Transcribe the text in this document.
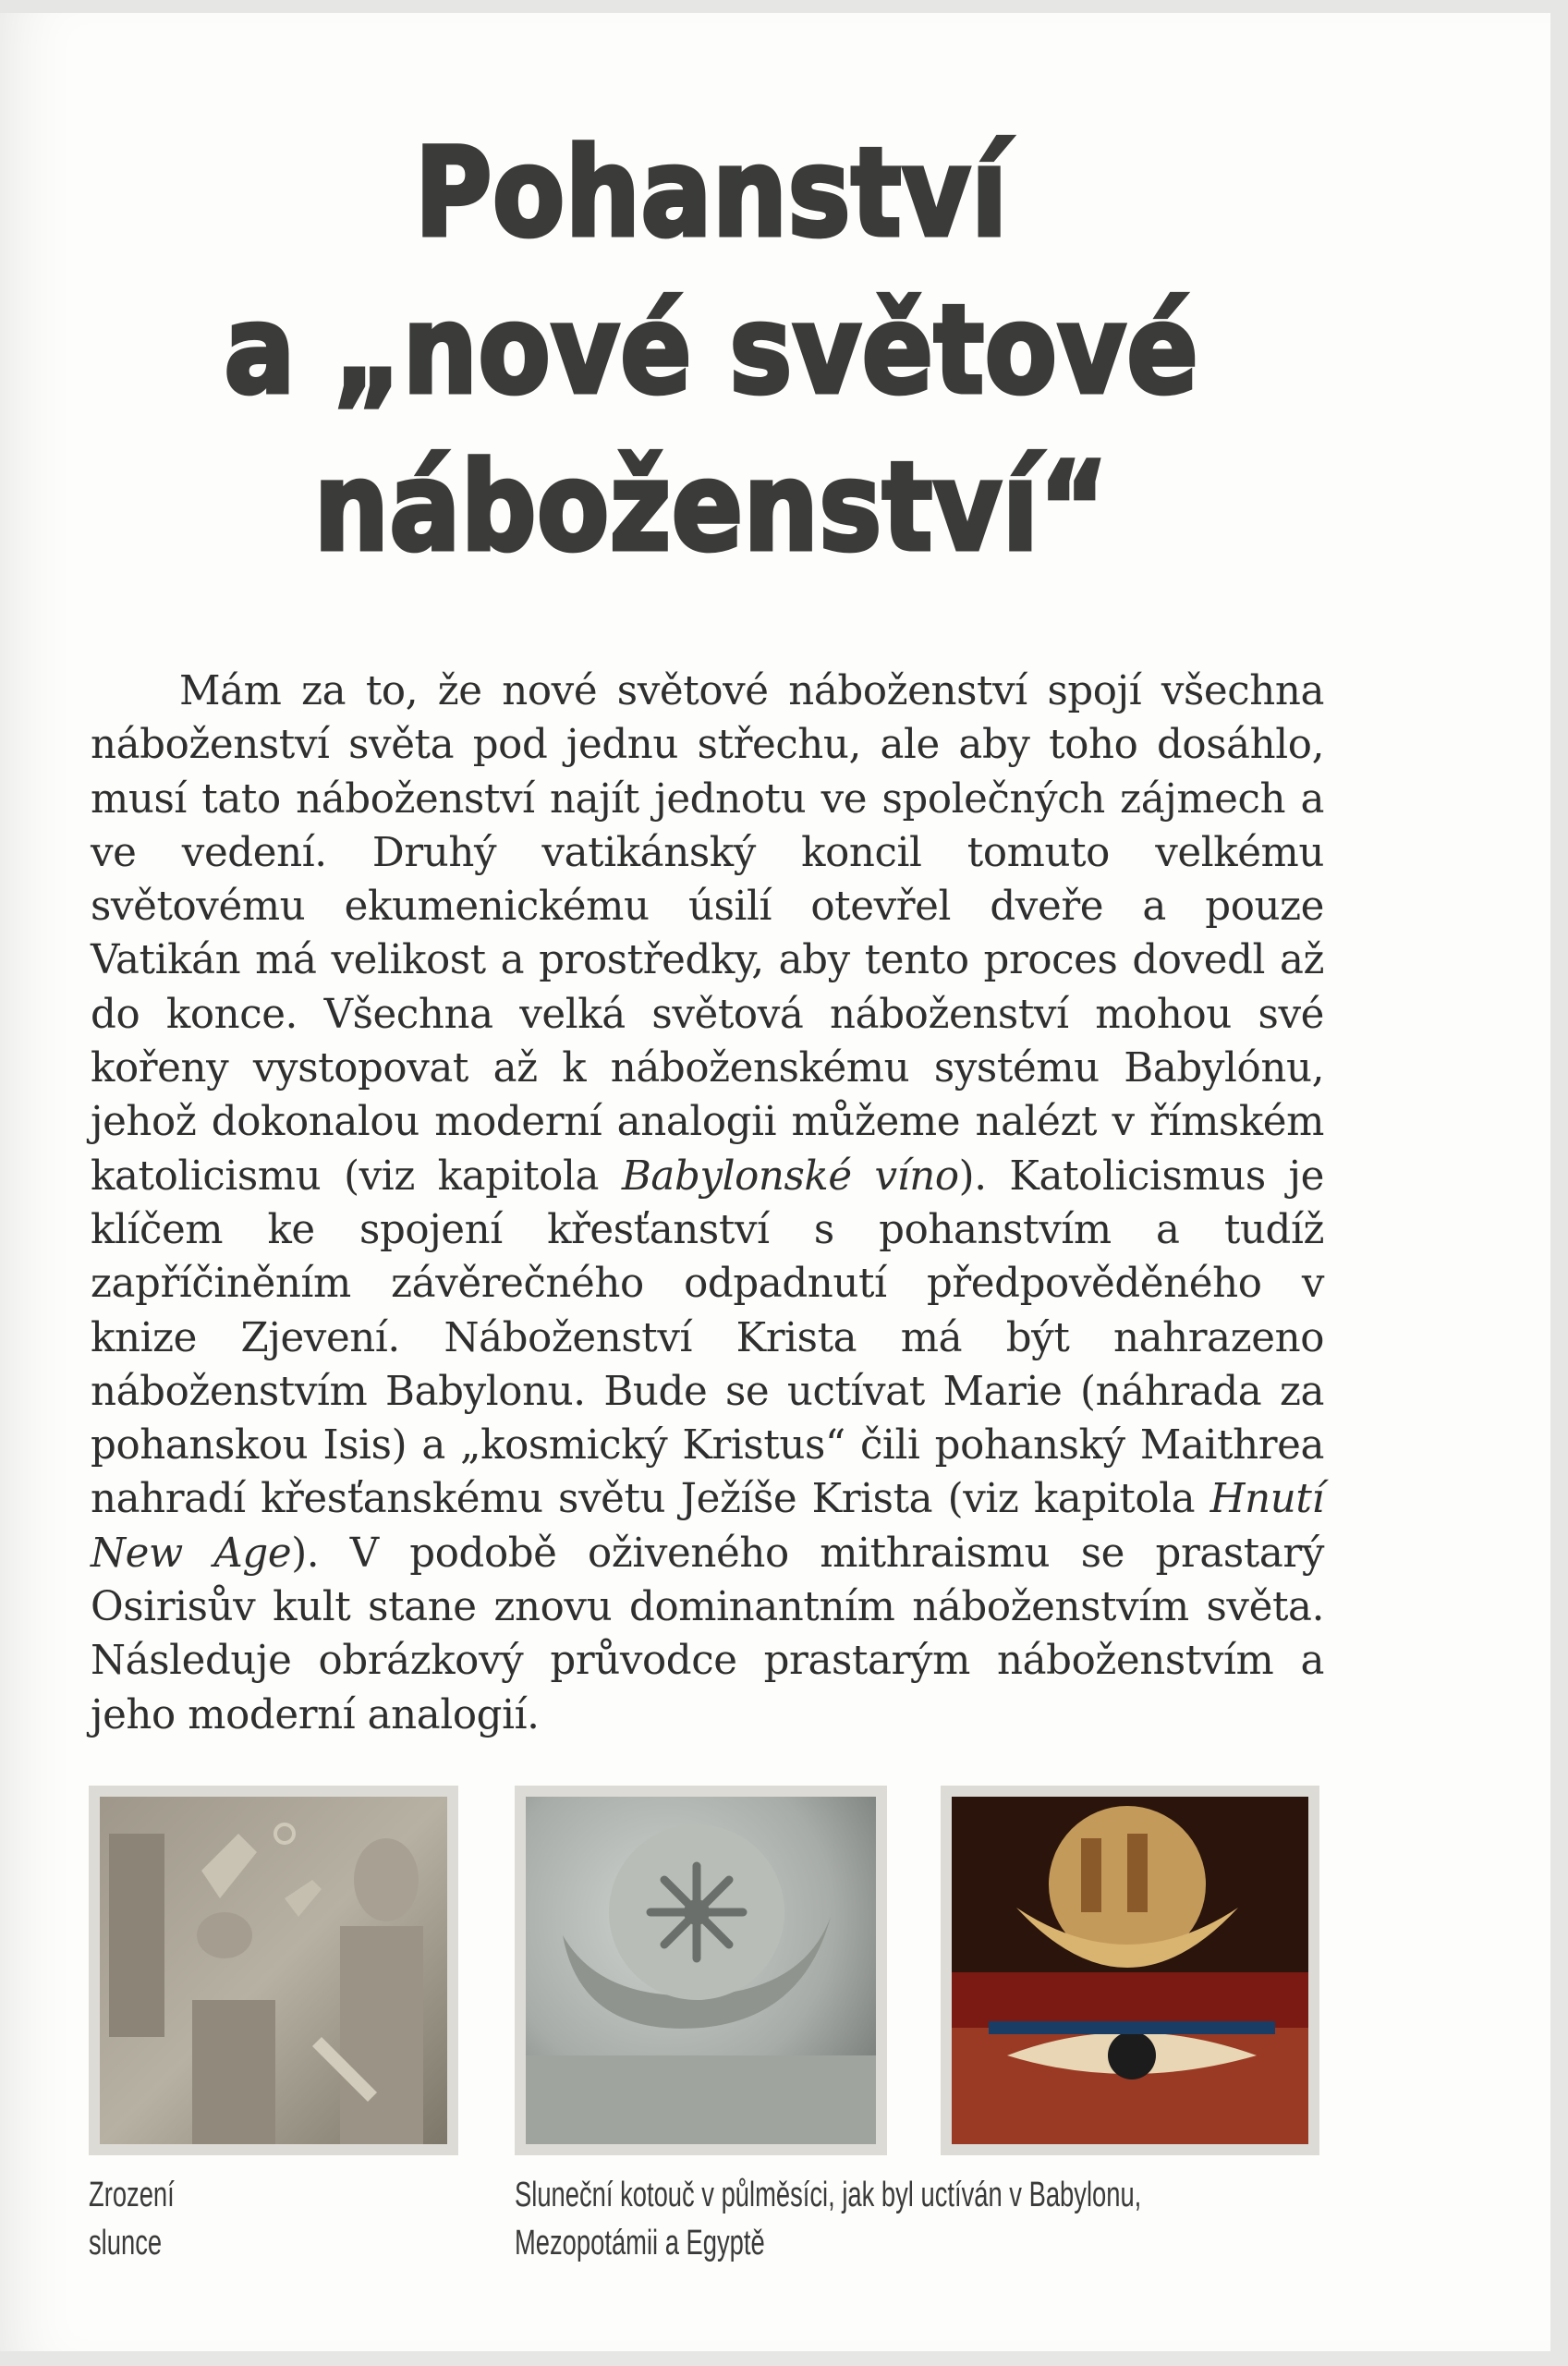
Pohanství
a „nové světové
náboženství“

Mám za to, že nové světové náboženství spojí všechna náboženství světa pod jednu střechu, ale aby toho dosáhlo, musí tato náboženství najít jednotu ve společných zájmech a ve vedení. Druhý vatikánský koncil tomuto velkému světovému ekumenickému úsilí otevřel dveře a pouze Vatikán má velikost a prostředky, aby tento proces dovedl až do konce. Všechna velká světová náboženství mohou své kořeny vystopovat až k náboženskému systému Babylónu, jehož dokonalou moderní analogii můžeme nalézt v římském katolicismu (viz kapitola Babylonské víno). Katolicismus je klíčem ke spojení křesťanství s pohanstvím a tudíž zapříčiněním závěrečného odpadnutí předpověděného v knize Zjevení. Náboženství Krista má být nahrazeno náboženstvím Babylonu. Bude se uctívat Marie (náhrada za pohanskou Isis) a „kosmický Kristus“ čili pohanský Maithrea nahradí křesťanskému světu Ježíše Krista (viz kapitola Hnutí New Age). V podobě oživeného mithraismu se prastarý Osirisův kult stane znovu dominantním náboženstvím světa. Následuje obrázkový průvodce prastarým náboženstvím a jeho moderní analogií.

Zrození
slunce
Sluneční kotouč v půlměsíci, jak byl uctíván v Babylonu,
Mezopotámii a Egyptě
